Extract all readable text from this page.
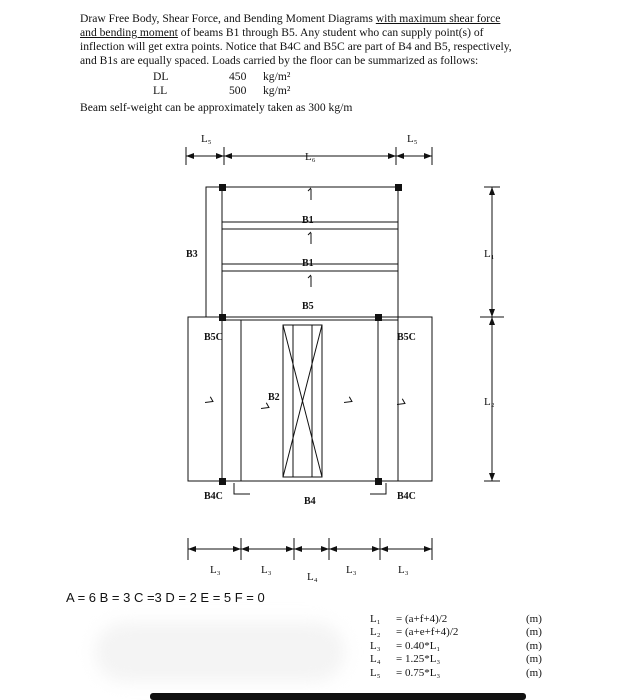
Draw Free Body, Shear Force, and Bending Moment Diagrams with maximum shear force

and bending moment of beams B1 through B5. Any student who can supply point(s) of

inflection will get extra points. Notice that B4C and B5C are part of B4 and B5, respectively,

and B1s are equally spaced. Loads carried by the floor can be summarized as follows:

DL	450 kg/m²
LL	500 kg/m²
Beam self-weight can be approximately taken as 300 kg/m
L₅
L₆
L₅
B1
B1
B5
B3
B5C	B5C
B2
B4C	B4	B4C
L₁
L₂
L₃	L₃
L₄
L₃	L₃
A = 6 B = 3 C =3 D = 2 E = 5 F = 0
L₁	= (a+f+4)/2	(m)
L₂	= (a+e+f+4)/2	(m)
L₃	= 0.40*L₁	(m)
L₄	= 1.25*L₃	(m)
L₅	= 0.75*L₃	(m)
